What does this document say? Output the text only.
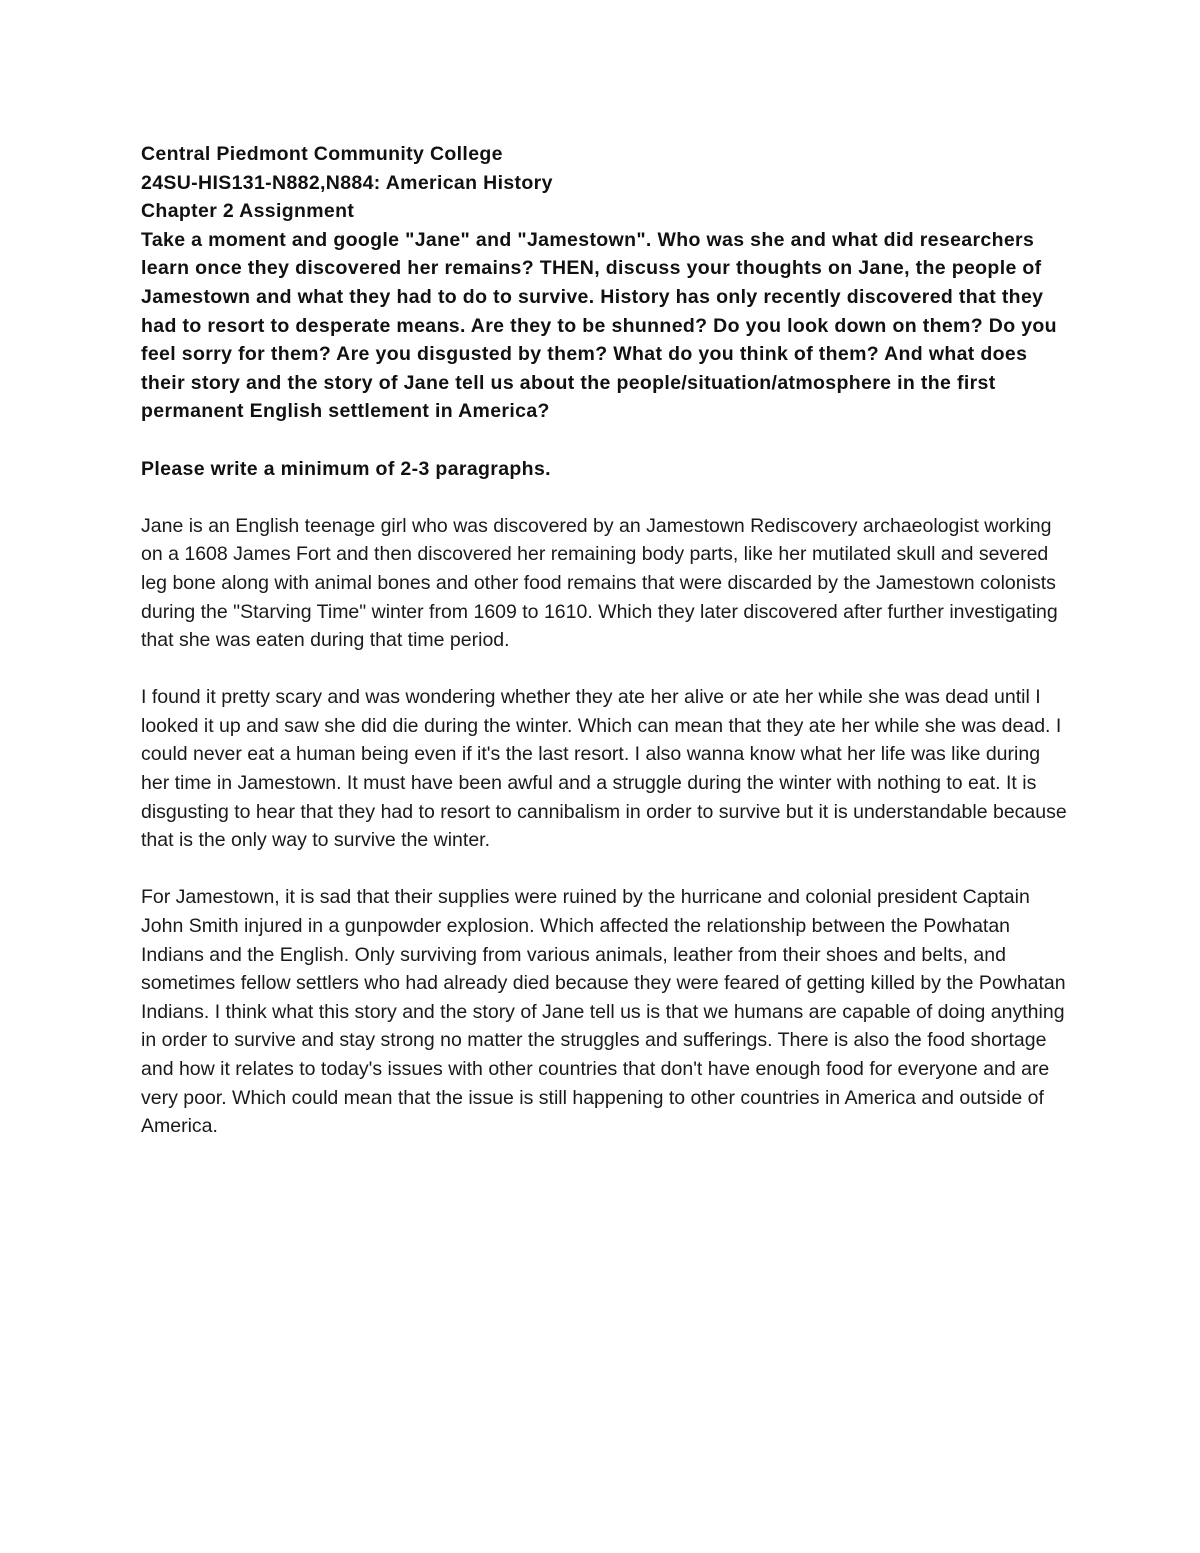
Central Piedmont Community College

24SU-HIS131-N882,N884: American History

Chapter 2 Assignment

Take a moment and google "Jane" and "Jamestown". Who was she and what did researchers learn once they discovered her remains? THEN, discuss your thoughts on Jane, the people of Jamestown and what they had to do to survive. History has only recently discovered that they had to resort to desperate means. Are they to be shunned? Do you look down on them? Do you feel sorry for them? Are you disgusted by them? What do you think of them? And what does their story and the story of Jane tell us about the people/situation/atmosphere in the first permanent English settlement in America?

Please write a minimum of 2-3 paragraphs.

Jane is an English teenage girl who was discovered by an Jamestown Rediscovery archaeologist working on a 1608 James Fort and then discovered her remaining body parts, like her mutilated skull and severed leg bone along with animal bones and other food remains that were discarded by the Jamestown colonists during the "Starving Time" winter from 1609 to 1610. Which they later discovered after further investigating that she was eaten during that time period.

I found it pretty scary and was wondering whether they ate her alive or ate her while she was dead until I looked it up and saw she did die during the winter. Which can mean that they ate her while she was dead. I could never eat a human being even if it's the last resort. I also wanna know what her life was like during her time in Jamestown. It must have been awful and a struggle during the winter with nothing to eat. It is disgusting to hear that they had to resort to cannibalism in order to survive but it is understandable because that is the only way to survive the winter.

For Jamestown, it is sad that their supplies were ruined by the hurricane and colonial president Captain John Smith injured in a gunpowder explosion. Which affected the relationship between the Powhatan Indians and the English. Only surviving from various animals, leather from their shoes and belts, and sometimes fellow settlers who had already died because they were feared of getting killed by the Powhatan Indians. I think what this story and the story of Jane tell us is that we humans are capable of doing anything in order to survive and stay strong no matter the struggles and sufferings. There is also the food shortage and how it relates to today's issues with other countries that don't have enough food for everyone and are very poor. Which could mean that the issue is still happening to other countries in America and outside of America.
